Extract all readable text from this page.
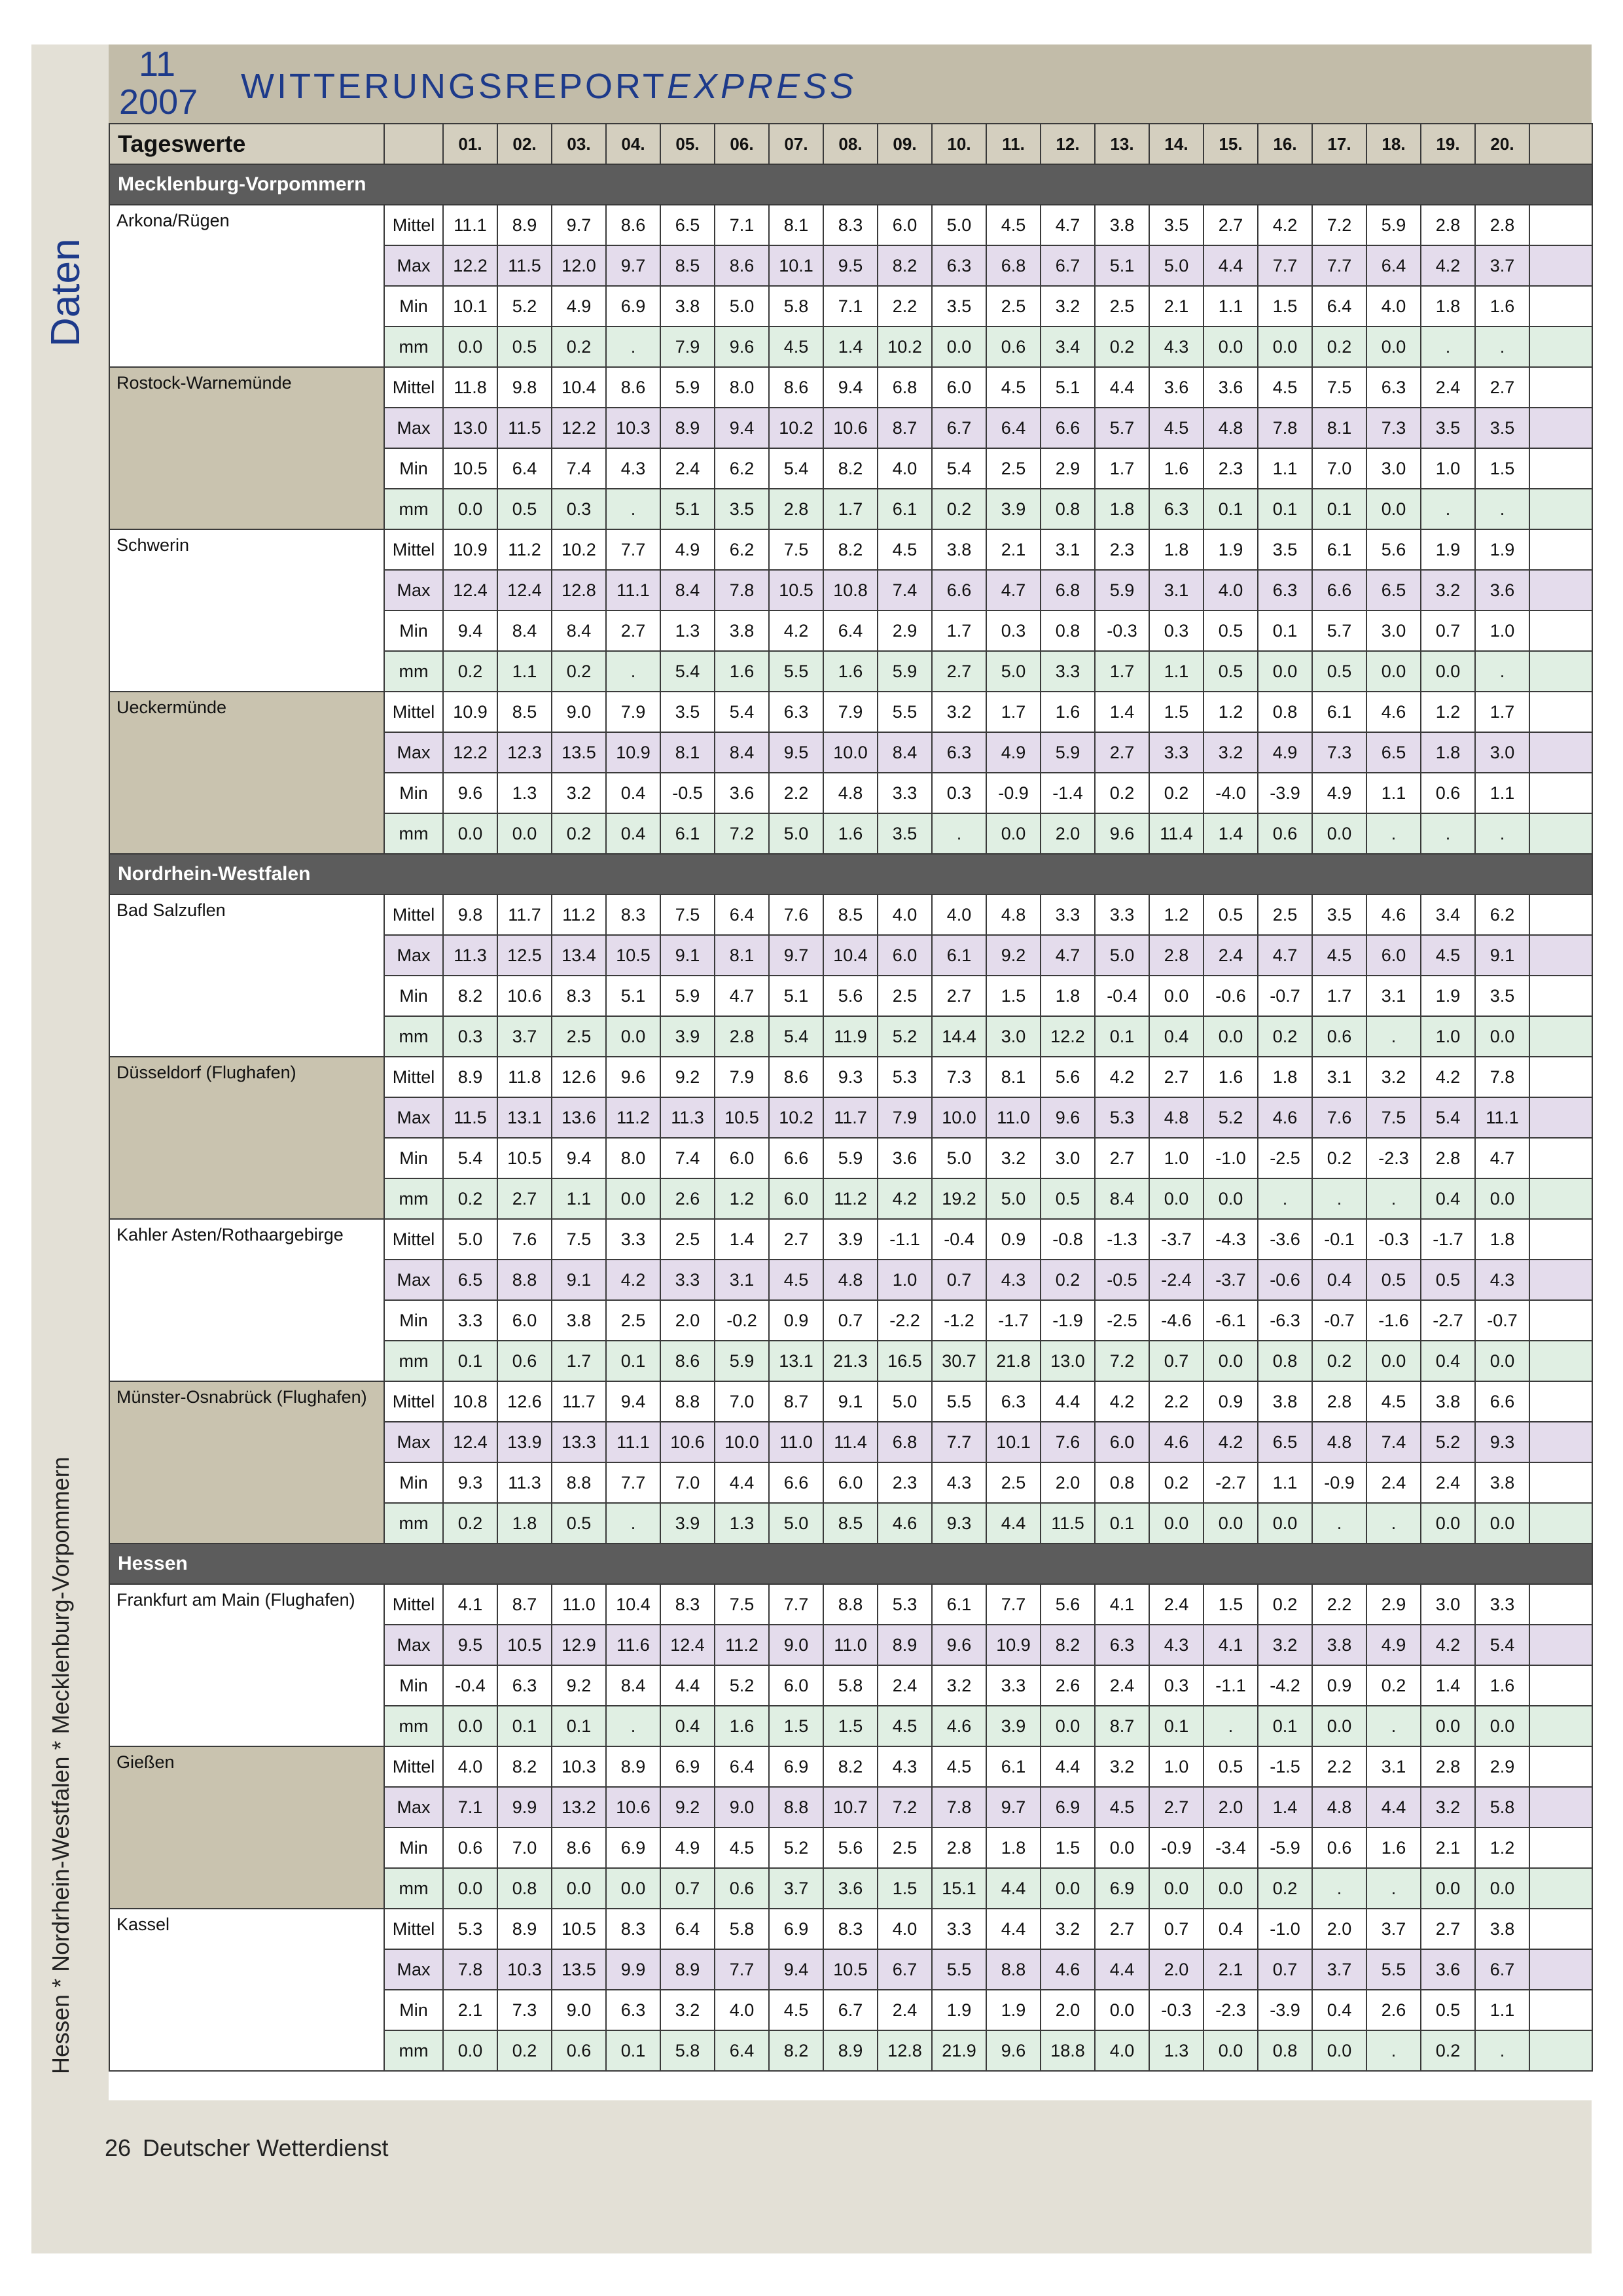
11
2007 WITTERUNGSREPORTEXPRESS
Daten
Hessen * Nordrhein-Westfalen * Mecklenburg-Vorpommern
Tageswerte		01.	02.	03.	04.	05.	06.	07.	08.	09.	10.	11.	12.	13.	14.	15.	16.	17.	18.	19.	20.	
Mecklenburg-Vorpommern																						
Arkona/Rügen	Mittel	11.1	8.9	9.7	8.6	6.5	7.1	8.1	8.3	6.0	5.0	4.5	4.7	3.8	3.5	2.7	4.2	7.2	5.9	2.8	2.8	
	Max	12.2	11.5	12.0	9.7	8.5	8.6	10.1	9.5	8.2	6.3	6.8	6.7	5.1	5.0	4.4	7.7	7.7	6.4	4.2	3.7	
	Min	10.1	5.2	4.9	6.9	3.8	5.0	5.8	7.1	2.2	3.5	2.5	3.2	2.5	2.1	1.1	1.5	6.4	4.0	1.8	1.6	
	mm	0.0	0.5	0.2	.	7.9	9.6	4.5	1.4	10.2	0.0	0.6	3.4	0.2	4.3	0.0	0.0	0.2	0.0	.	.	
Rostock-Warnemünde	Mittel	11.8	9.8	10.4	8.6	5.9	8.0	8.6	9.4	6.8	6.0	4.5	5.1	4.4	3.6	3.6	4.5	7.5	6.3	2.4	2.7	
	Max	13.0	11.5	12.2	10.3	8.9	9.4	10.2	10.6	8.7	6.7	6.4	6.6	5.7	4.5	4.8	7.8	8.1	7.3	3.5	3.5	
	Min	10.5	6.4	7.4	4.3	2.4	6.2	5.4	8.2	4.0	5.4	2.5	2.9	1.7	1.6	2.3	1.1	7.0	3.0	1.0	1.5	
	mm	0.0	0.5	0.3	.	5.1	3.5	2.8	1.7	6.1	0.2	3.9	0.8	1.8	6.3	0.1	0.1	0.1	0.0	.	.	
Schwerin	Mittel	10.9	11.2	10.2	7.7	4.9	6.2	7.5	8.2	4.5	3.8	2.1	3.1	2.3	1.8	1.9	3.5	6.1	5.6	1.9	1.9	
	Max	12.4	12.4	12.8	11.1	8.4	7.8	10.5	10.8	7.4	6.6	4.7	6.8	5.9	3.1	4.0	6.3	6.6	6.5	3.2	3.6	
	Min	9.4	8.4	8.4	2.7	1.3	3.8	4.2	6.4	2.9	1.7	0.3	0.8	-0.3	0.3	0.5	0.1	5.7	3.0	0.7	1.0	
	mm	0.2	1.1	0.2	.	5.4	1.6	5.5	1.6	5.9	2.7	5.0	3.3	1.7	1.1	0.5	0.0	0.5	0.0	0.0	.	
Ueckermünde	Mittel	10.9	8.5	9.0	7.9	3.5	5.4	6.3	7.9	5.5	3.2	1.7	1.6	1.4	1.5	1.2	0.8	6.1	4.6	1.2	1.7	
	Max	12.2	12.3	13.5	10.9	8.1	8.4	9.5	10.0	8.4	6.3	4.9	5.9	2.7	3.3	3.2	4.9	7.3	6.5	1.8	3.0	
	Min	9.6	1.3	3.2	0.4	-0.5	3.6	2.2	4.8	3.3	0.3	-0.9	-1.4	0.2	0.2	-4.0	-3.9	4.9	1.1	0.6	1.1	
	mm	0.0	0.0	0.2	0.4	6.1	7.2	5.0	1.6	3.5	.	0.0	2.0	9.6	11.4	1.4	0.6	0.0	.	.	.	
Nordrhein-Westfalen																						
Bad Salzuflen	Mittel	9.8	11.7	11.2	8.3	7.5	6.4	7.6	8.5	4.0	4.0	4.8	3.3	3.3	1.2	0.5	2.5	3.5	4.6	3.4	6.2	
	Max	11.3	12.5	13.4	10.5	9.1	8.1	9.7	10.4	6.0	6.1	9.2	4.7	5.0	2.8	2.4	4.7	4.5	6.0	4.5	9.1	
	Min	8.2	10.6	8.3	5.1	5.9	4.7	5.1	5.6	2.5	2.7	1.5	1.8	-0.4	0.0	-0.6	-0.7	1.7	3.1	1.9	3.5	
	mm	0.3	3.7	2.5	0.0	3.9	2.8	5.4	11.9	5.2	14.4	3.0	12.2	0.1	0.4	0.0	0.2	0.6	.	1.0	0.0	
Düsseldorf (Flughafen)	Mittel	8.9	11.8	12.6	9.6	9.2	7.9	8.6	9.3	5.3	7.3	8.1	5.6	4.2	2.7	1.6	1.8	3.1	3.2	4.2	7.8	
	Max	11.5	13.1	13.6	11.2	11.3	10.5	10.2	11.7	7.9	10.0	11.0	9.6	5.3	4.8	5.2	4.6	7.6	7.5	5.4	11.1	
	Min	5.4	10.5	9.4	8.0	7.4	6.0	6.6	5.9	3.6	5.0	3.2	3.0	2.7	1.0	-1.0	-2.5	0.2	-2.3	2.8	4.7	
	mm	0.2	2.7	1.1	0.0	2.6	1.2	6.0	11.2	4.2	19.2	5.0	0.5	8.4	0.0	0.0	.	.	.	0.4	0.0	
Kahler Asten/Rothaargebirge	Mittel	5.0	7.6	7.5	3.3	2.5	1.4	2.7	3.9	-1.1	-0.4	0.9	-0.8	-1.3	-3.7	-4.3	-3.6	-0.1	-0.3	-1.7	1.8	
	Max	6.5	8.8	9.1	4.2	3.3	3.1	4.5	4.8	1.0	0.7	4.3	0.2	-0.5	-2.4	-3.7	-0.6	0.4	0.5	0.5	4.3	
	Min	3.3	6.0	3.8	2.5	2.0	-0.2	0.9	0.7	-2.2	-1.2	-1.7	-1.9	-2.5	-4.6	-6.1	-6.3	-0.7	-1.6	-2.7	-0.7	
	mm	0.1	0.6	1.7	0.1	8.6	5.9	13.1	21.3	16.5	30.7	21.8	13.0	7.2	0.7	0.0	0.8	0.2	0.0	0.4	0.0	
Münster-Osnabrück (Flughafen)	Mittel	10.8	12.6	11.7	9.4	8.8	7.0	8.7	9.1	5.0	5.5	6.3	4.4	4.2	2.2	0.9	3.8	2.8	4.5	3.8	6.6	
	Max	12.4	13.9	13.3	11.1	10.6	10.0	11.0	11.4	6.8	7.7	10.1	7.6	6.0	4.6	4.2	6.5	4.8	7.4	5.2	9.3	
	Min	9.3	11.3	8.8	7.7	7.0	4.4	6.6	6.0	2.3	4.3	2.5	2.0	0.8	0.2	-2.7	1.1	-0.9	2.4	2.4	3.8	
	mm	0.2	1.8	0.5	.	3.9	1.3	5.0	8.5	4.6	9.3	4.4	11.5	0.1	0.0	0.0	0.0	.	.	0.0	0.0	
Hessen																						
Frankfurt am Main (Flughafen)	Mittel	4.1	8.7	11.0	10.4	8.3	7.5	7.7	8.8	5.3	6.1	7.7	5.6	4.1	2.4	1.5	0.2	2.2	2.9	3.0	3.3	
	Max	9.5	10.5	12.9	11.6	12.4	11.2	9.0	11.0	8.9	9.6	10.9	8.2	6.3	4.3	4.1	3.2	3.8	4.9	4.2	5.4	
	Min	-0.4	6.3	9.2	8.4	4.4	5.2	6.0	5.8	2.4	3.2	3.3	2.6	2.4	0.3	-1.1	-4.2	0.9	0.2	1.4	1.6	
	mm	0.0	0.1	0.1	.	0.4	1.6	1.5	1.5	4.5	4.6	3.9	0.0	8.7	0.1	.	0.1	0.0	.	0.0	0.0	
Gießen	Mittel	4.0	8.2	10.3	8.9	6.9	6.4	6.9	8.2	4.3	4.5	6.1	4.4	3.2	1.0	0.5	-1.5	2.2	3.1	2.8	2.9	
	Max	7.1	9.9	13.2	10.6	9.2	9.0	8.8	10.7	7.2	7.8	9.7	6.9	4.5	2.7	2.0	1.4	4.8	4.4	3.2	5.8	
	Min	0.6	7.0	8.6	6.9	4.9	4.5	5.2	5.6	2.5	2.8	1.8	1.5	0.0	-0.9	-3.4	-5.9	0.6	1.6	2.1	1.2	
	mm	0.0	0.8	0.0	0.0	0.7	0.6	3.7	3.6	1.5	15.1	4.4	0.0	6.9	0.0	0.0	0.2	.	.	0.0	0.0	
Kassel	Mittel	5.3	8.9	10.5	8.3	6.4	5.8	6.9	8.3	4.0	3.3	4.4	3.2	2.7	0.7	0.4	-1.0	2.0	3.7	2.7	3.8	
	Max	7.8	10.3	13.5	9.9	8.9	7.7	9.4	10.5	6.7	5.5	8.8	4.6	4.4	2.0	2.1	0.7	3.7	5.5	3.6	6.7	
	Min	2.1	7.3	9.0	6.3	3.2	4.0	4.5	6.7	2.4	1.9	1.9	2.0	0.0	-0.3	-2.3	-3.9	0.4	2.6	0.5	1.1	
	mm	0.0	0.2	0.6	0.1	5.8	6.4	8.2	8.9	12.8	21.9	9.6	18.8	4.0	1.3	0.0	0.8	0.0	.	0.2	.	
26 Deutscher Wetterdienst
